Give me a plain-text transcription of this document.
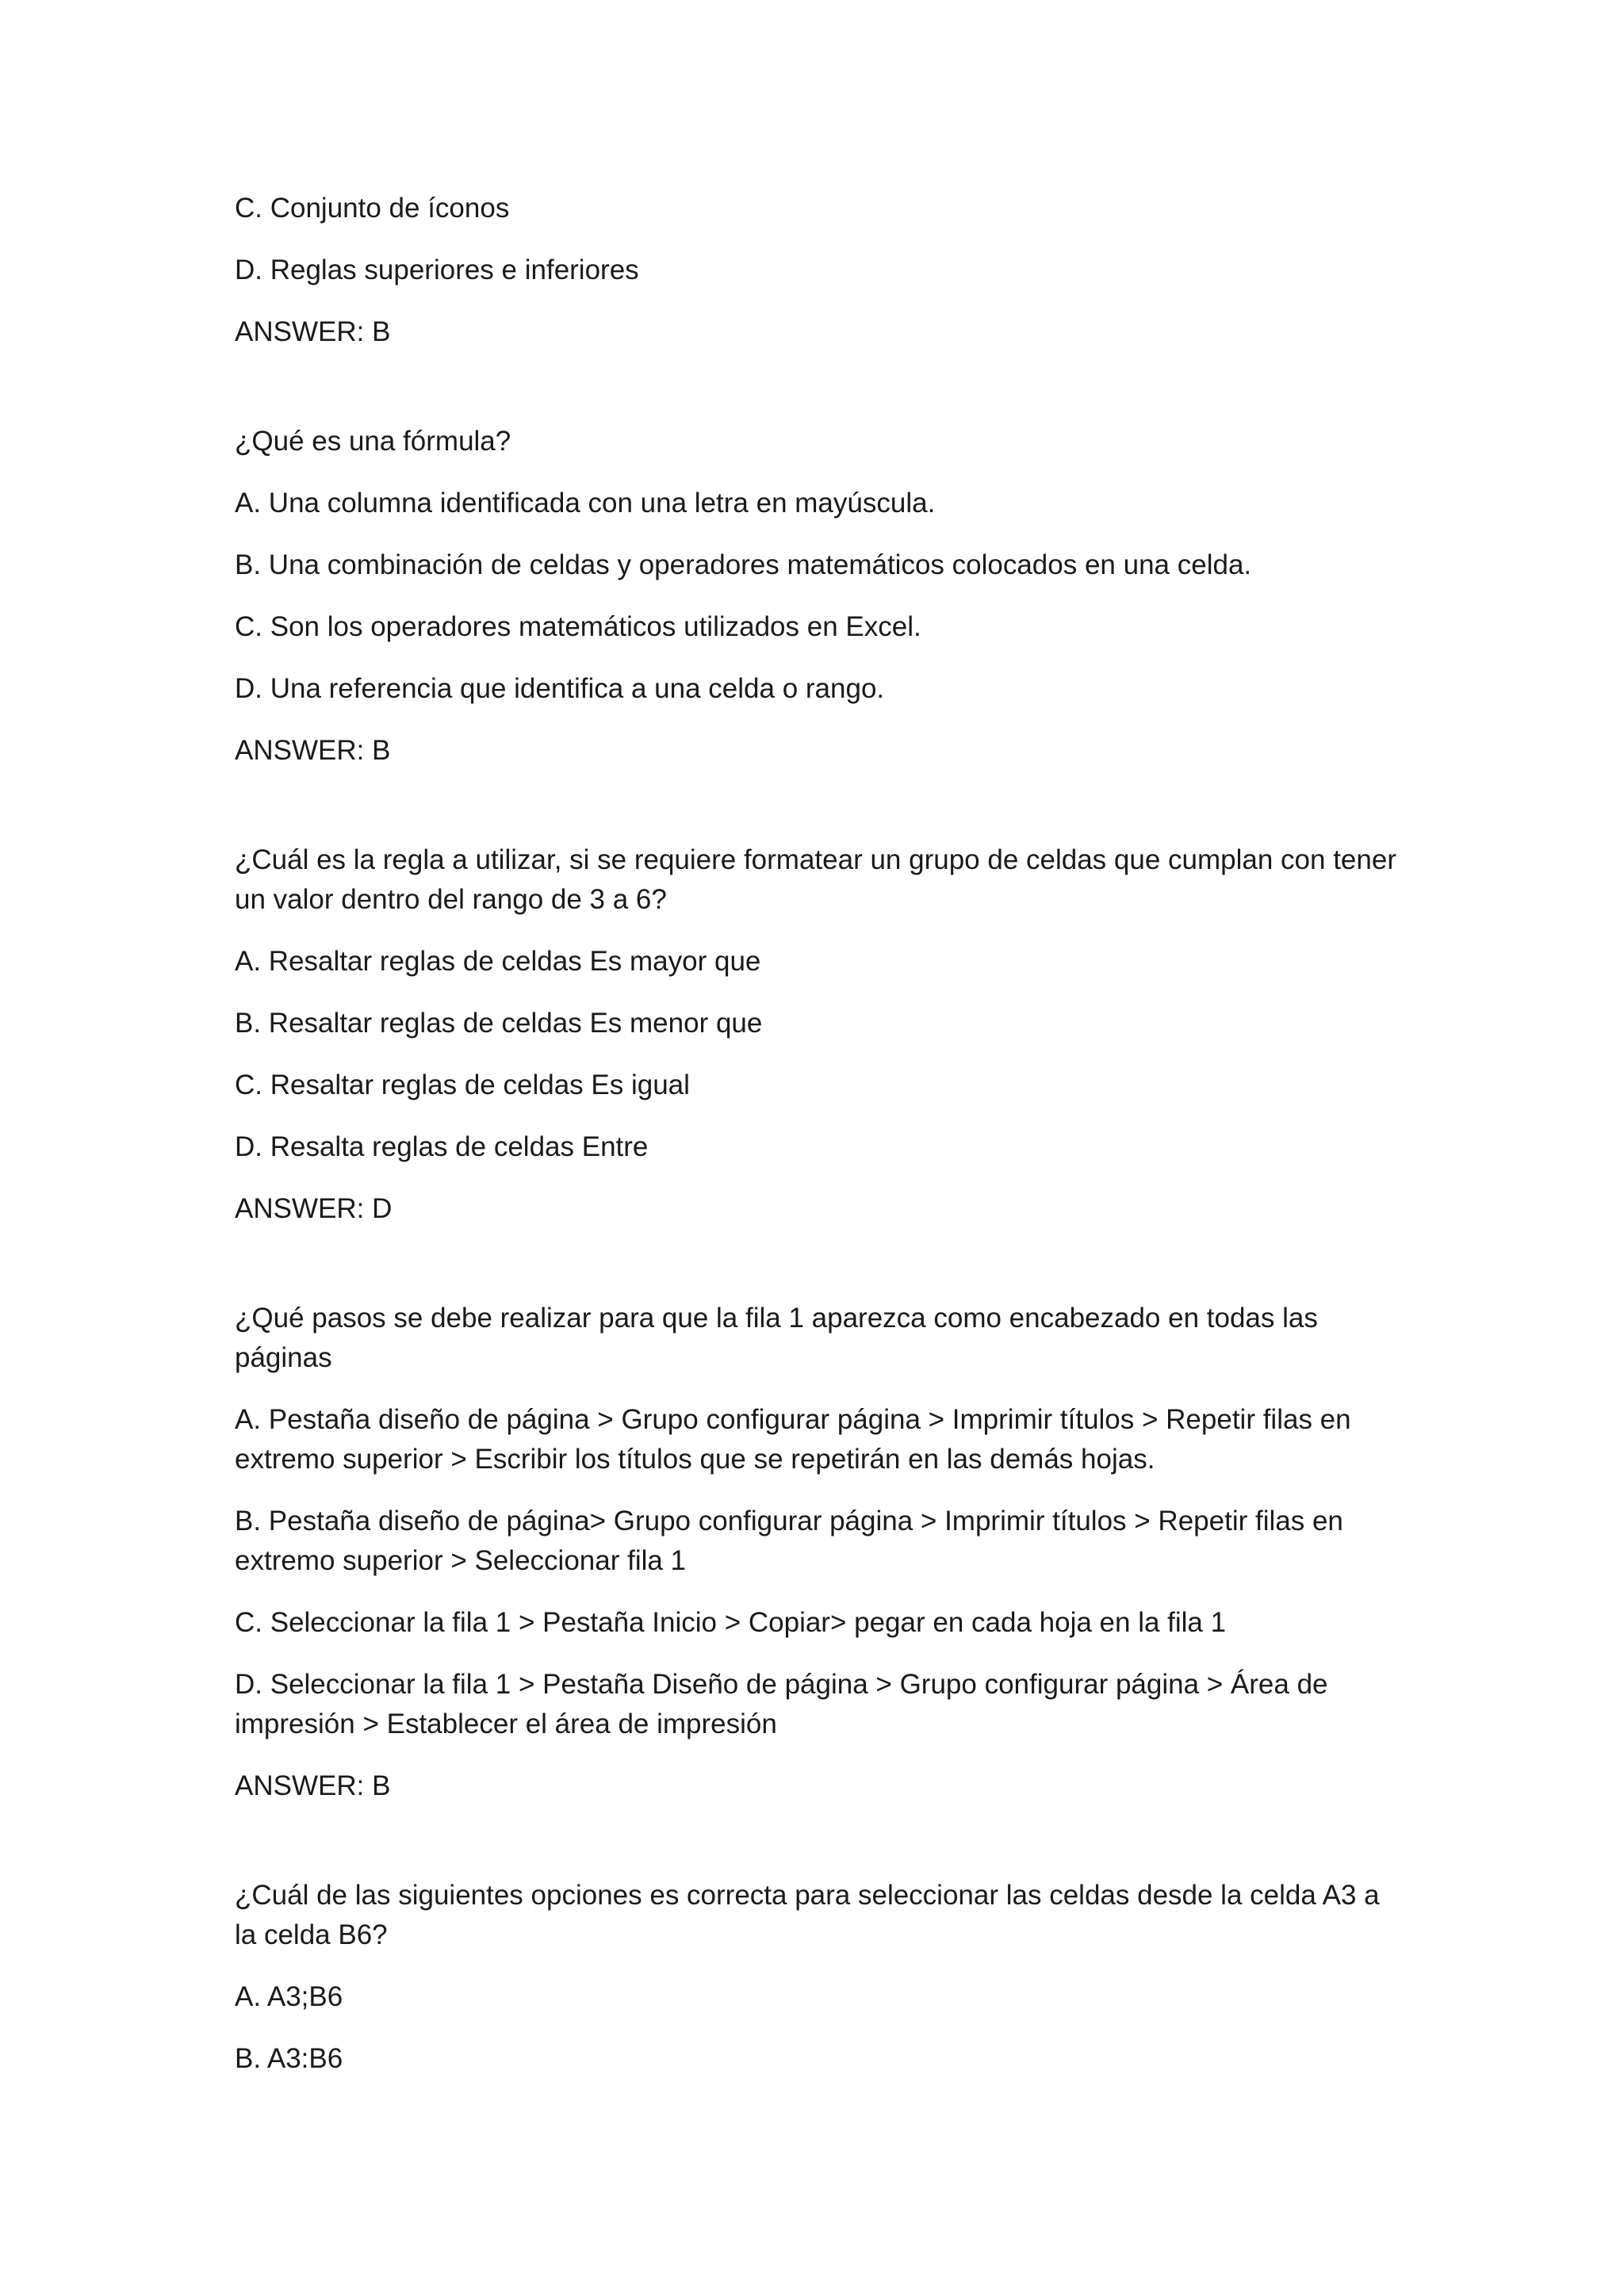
C. Conjunto de íconos
D. Reglas superiores e inferiores
ANSWER: B
¿Qué es una fórmula?
A. Una columna identificada con una letra en mayúscula.
B. Una combinación de celdas y operadores matemáticos colocados en una celda.
C. Son los operadores matemáticos utilizados en Excel.
D. Una referencia que identifica a una celda o rango.
ANSWER: B
¿Cuál es la regla a utilizar, si se requiere formatear un grupo de celdas que cumplan con tener un valor dentro del rango de 3 a 6?
A. Resaltar reglas de celdas Es mayor que
B. Resaltar reglas de celdas Es menor que
C. Resaltar reglas de celdas Es igual
D. Resalta reglas de celdas Entre
ANSWER: D
¿Qué pasos se debe realizar para que la fila 1 aparezca como encabezado en todas las páginas
A. Pestaña diseño de página > Grupo configurar página > Imprimir títulos > Repetir filas en extremo superior > Escribir los títulos que se repetirán en las demás hojas.
B. Pestaña diseño de página> Grupo configurar página > Imprimir títulos > Repetir filas en extremo superior > Seleccionar fila 1
C. Seleccionar la fila 1 > Pestaña Inicio > Copiar> pegar en cada hoja en la fila 1
D. Seleccionar la fila 1 > Pestaña Diseño de página > Grupo configurar página > Área de impresión > Establecer el área de impresión
ANSWER: B
¿Cuál de las siguientes opciones es correcta para seleccionar las celdas desde la celda A3 a la celda B6?
A. A3;B6
B. A3:B6
